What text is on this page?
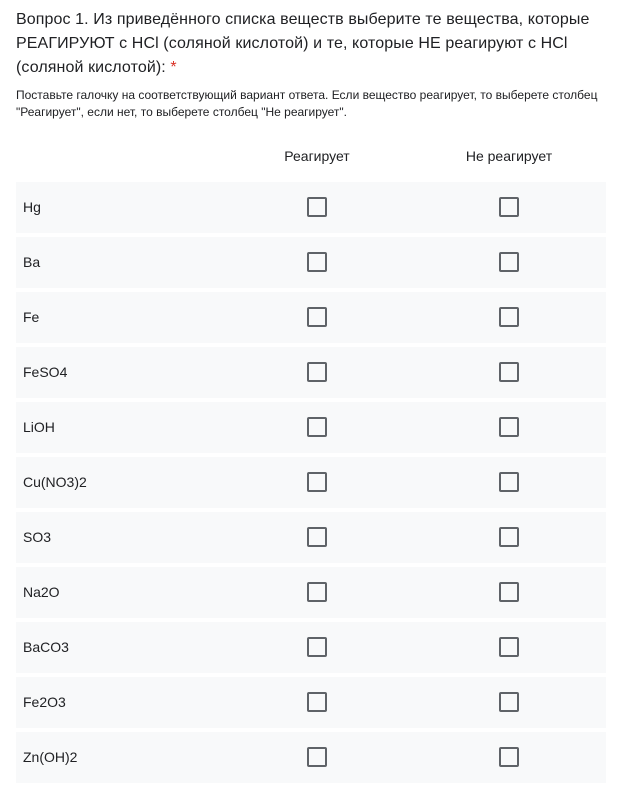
Вопрос 1. Из приведённого списка веществ выберите те вещества, которые РЕАГИРУЮТ с HCl (соляной кислотой) и те, которые НЕ реагируют с HCl (соляной кислотой): *
Поставьте галочку на соответствующий вариант ответа. Если вещество реагирует, то выберете столбец "Реагирует", если нет, то выберете столбец "Не реагирует".
Реагирует	Не реагирует
Hg
Ba
Fe
FeSO4
LiOH
Cu(NO3)2
SO3
Na2O
BaCO3
Fe2O3
Zn(OH)2
